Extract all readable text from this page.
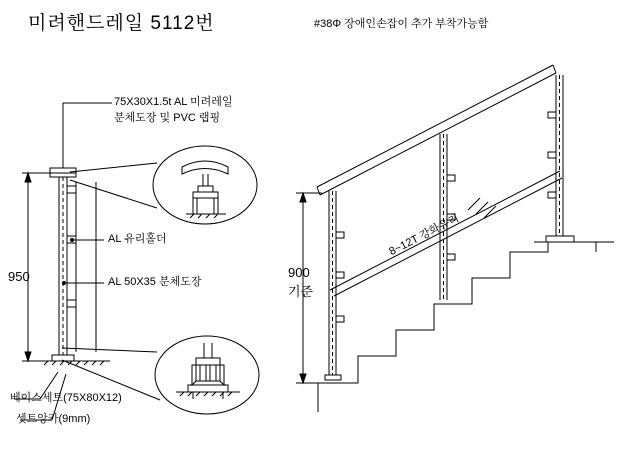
미려핸드레일 5112번	#38Φ 장애인손잡이 추가 부착가능함
75X30X1.5t AL 미려레일
분체도장 및 PVC 랩핑
AL 유리홀더
AL 50X35 분체도장
베이스세트(75X80X12)
셋트앙카(9mm)
950	900
기준
8~12T 강화유리
